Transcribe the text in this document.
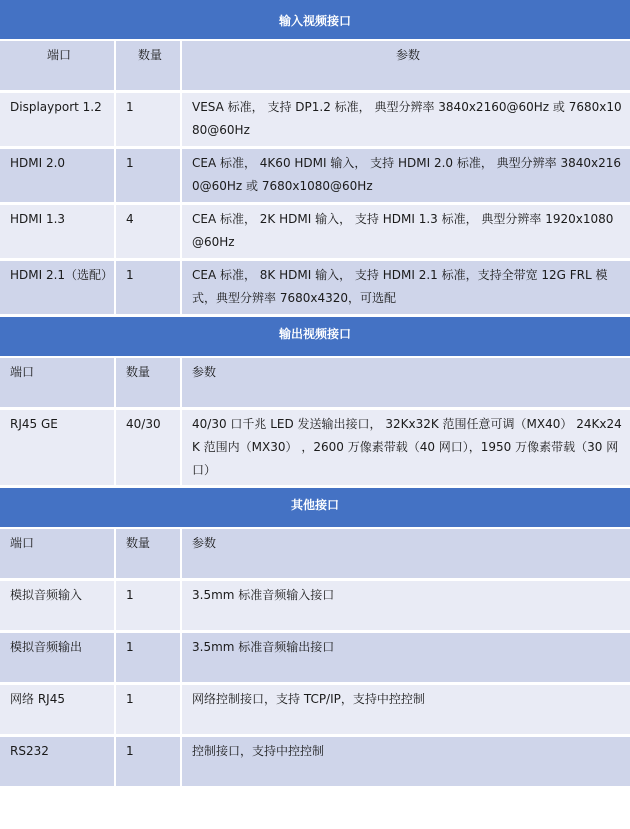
输入视频接口		
端口	数量	参数
Displayport 1.2	1	VESA 标准， 支持 DP1.2 标准， 典型分辨率 3840x2160@60Hz 或 7680x1080@60Hz
HDMI 2.0	1	CEA 标准， 4K60 HDMI 输入， 支持 HDMI 2.0 标准， 典型分辨率 3840x2160@60Hz 或 7680x1080@60Hz
HDMI 1.3	4	CEA 标准， 2K HDMI 输入， 支持 HDMI 1.3 标准， 典型分辨率 1920x1080@60Hz
HDMI 2.1（选配）	1	CEA 标准， 8K HDMI 输入， 支持 HDMI 2.1 标准，支持全带宽 12G FRL 模式，典型分辨率 7680x4320，可选配
输出视频接口		
端口	数量	参数
RJ45 GE	40/30	40/30 口千兆 LED 发送输出接口， 32Kx32K 范围任意可调（MX40） 24Kx24K 范围内（MX30） ，2600 万像素带载（40 网口），1950 万像素带载（30 网口）
其他接口		
端口	数量	参数
模拟音频输入	1	3.5mm 标准音频输入接口
模拟音频输出	1	3.5mm 标准音频输出接口
网络 RJ45	1	网络控制接口，支持 TCP/IP，支持中控控制
RS232	1	控制接口，支持中控控制
